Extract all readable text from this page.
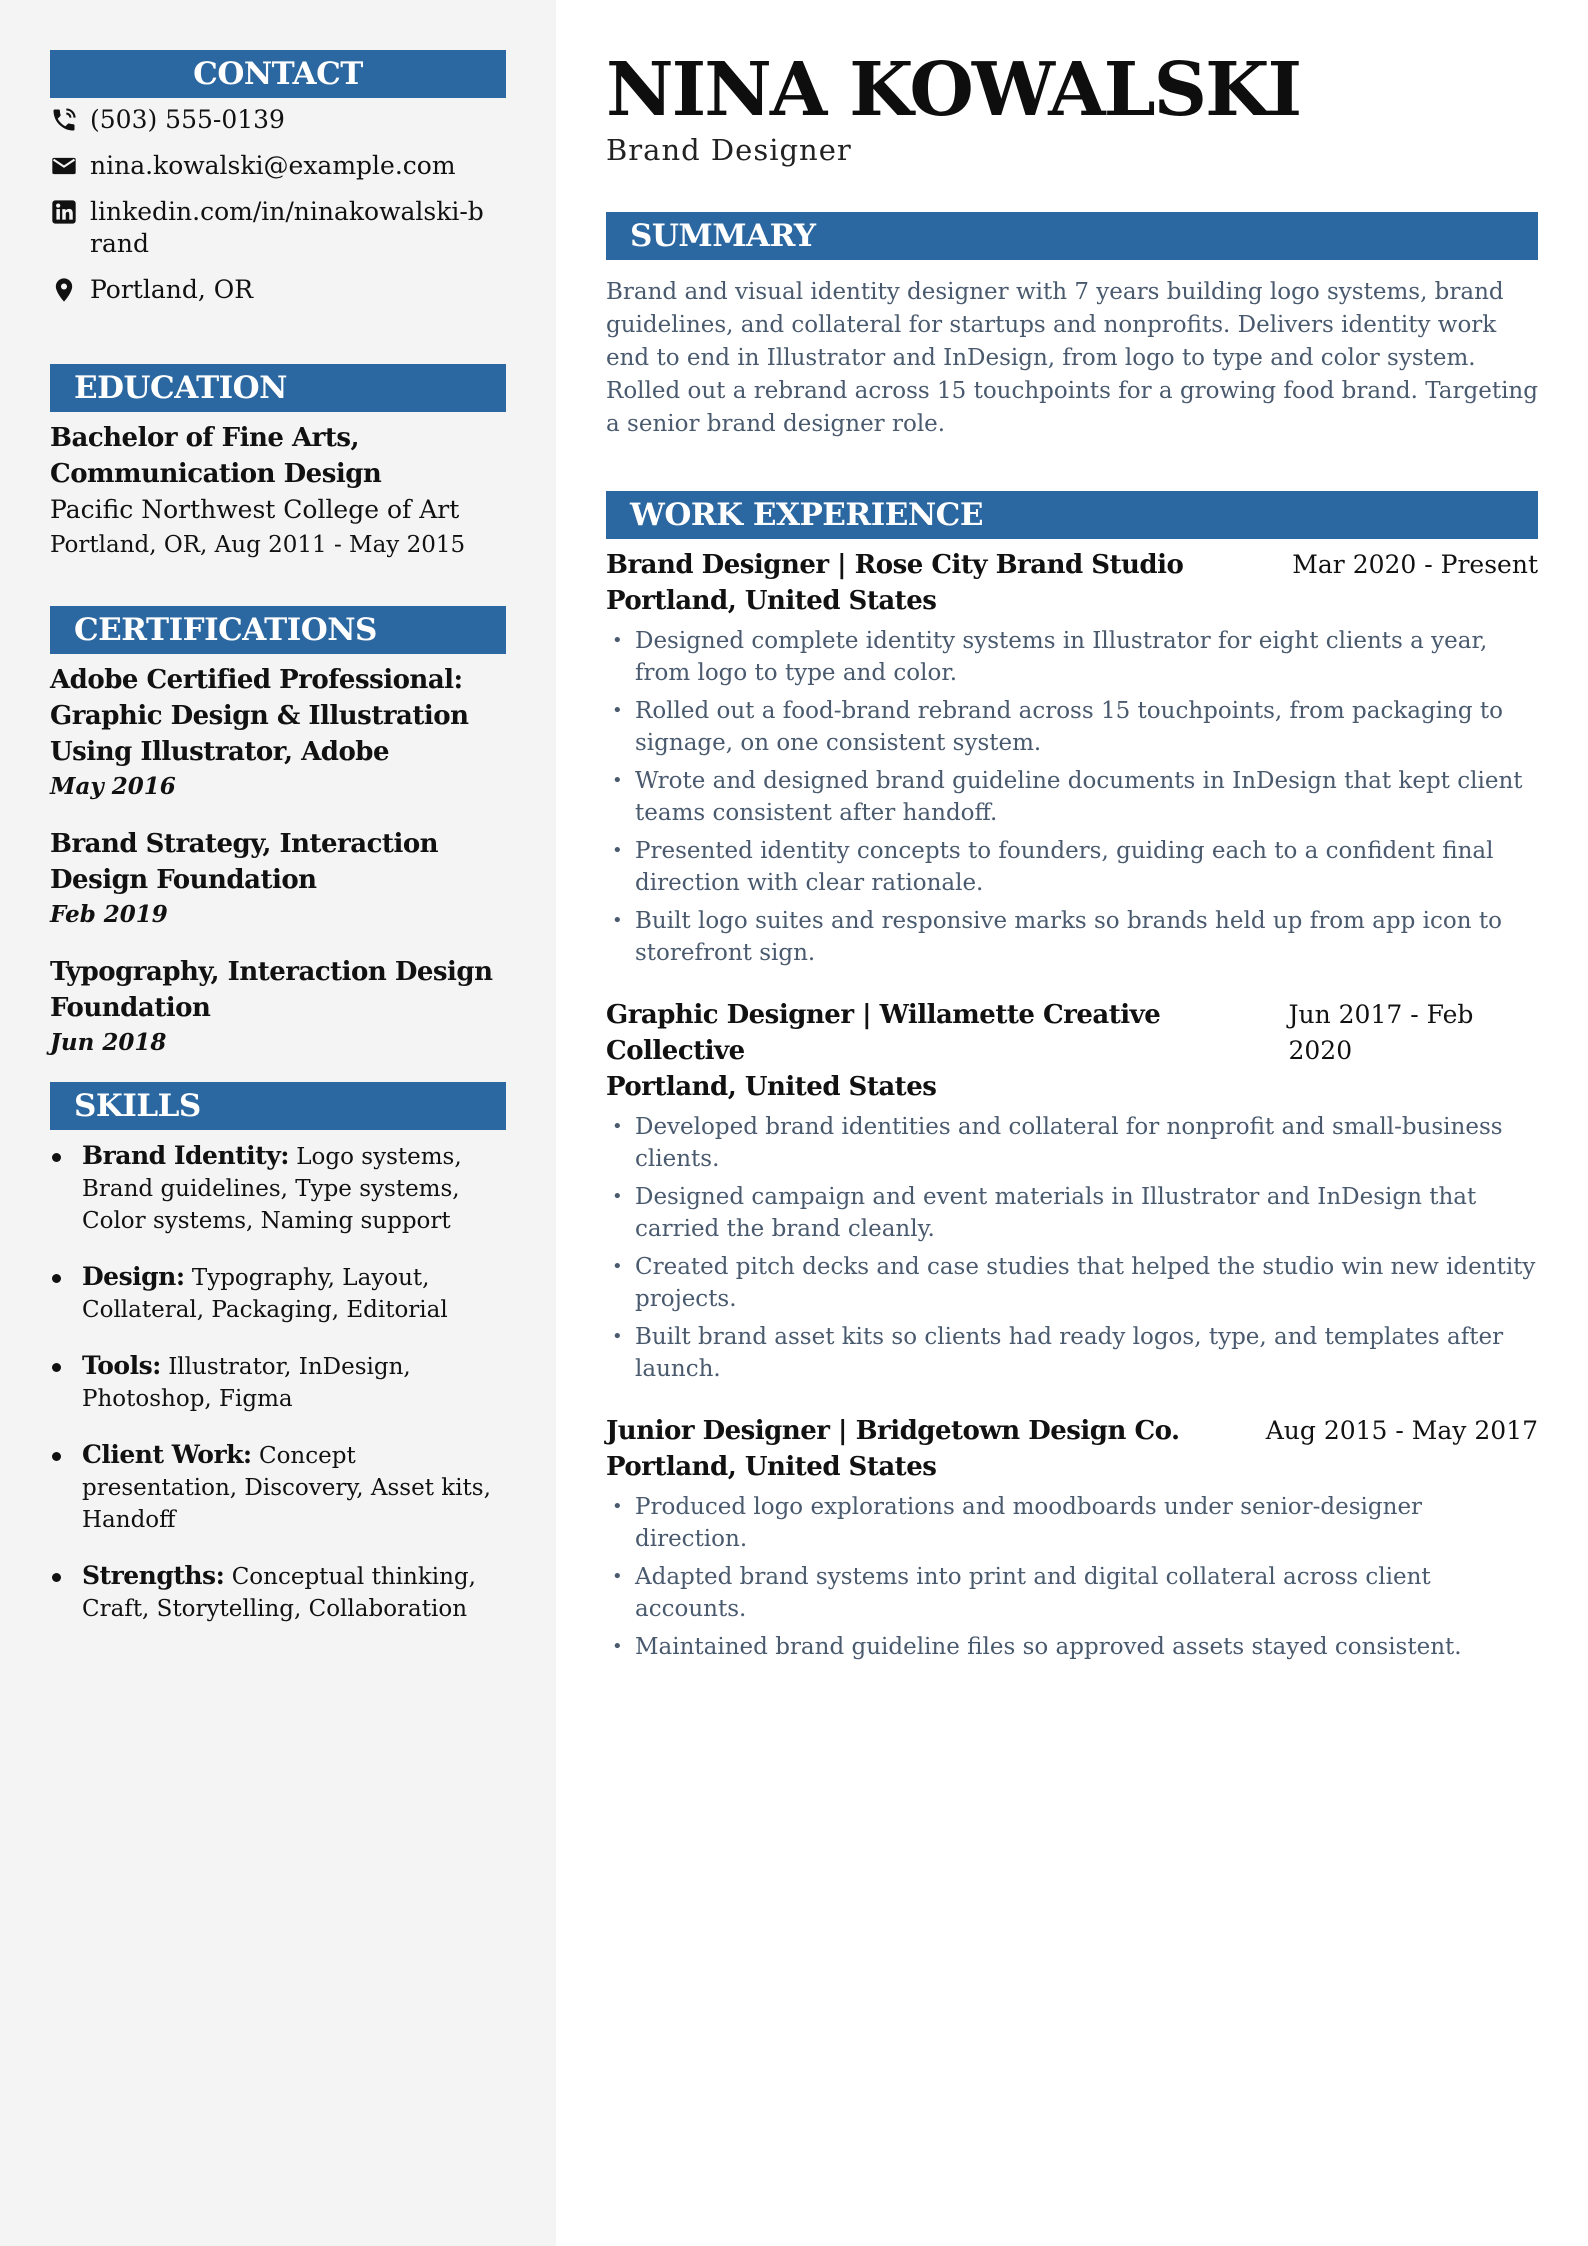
CONTACT
(503) 555-0139
nina.kowalski@example.com
linkedin.com/in/ninakowalski-brand
Portland, OR
EDUCATION
Bachelor of Fine Arts, Communication Design
Pacific Northwest College of Art
Portland, OR, Aug 2011 - May 2015
CERTIFICATIONS
Adobe Certified Professional: Graphic Design & Illustration Using Illustrator, Adobe
May 2016
Brand Strategy, Interaction Design Foundation
Feb 2019
Typography, Interaction Design Foundation
Jun 2018
SKILLS
Brand Identity: Logo systems, Brand guidelines, Type systems, Color systems, Naming support
Design: Typography, Layout, Collateral, Packaging, Editorial
Tools: Illustrator, InDesign, Photoshop, Figma
Client Work: Concept presentation, Discovery, Asset kits, Handoff
Strengths: Conceptual thinking, Craft, Storytelling, Collaboration
NINA KOWALSKI
Brand Designer
SUMMARY
Brand and visual identity designer with 7 years building logo systems, brand guidelines, and collateral for startups and nonprofits. Delivers identity work end to end in Illustrator and InDesign, from logo to type and color system. Rolled out a rebrand across 15 touchpoints for a growing food brand. Targeting a senior brand designer role.
WORK EXPERIENCE
Brand Designer | Rose City Brand Studio	Mar 2020 - Present
Portland, United States
• Designed complete identity systems in Illustrator for eight clients a year, from logo to type and color.
• Rolled out a food-brand rebrand across 15 touchpoints, from packaging to signage, on one consistent system.
• Wrote and designed brand guideline documents in InDesign that kept client teams consistent after handoff.
• Presented identity concepts to founders, guiding each to a confident final direction with clear rationale.
• Built logo suites and responsive marks so brands held up from app icon to storefront sign.
Graphic Designer | Willamette Creative Collective
Jun 2017 - Feb 2020
Portland, United States
• Developed brand identities and collateral for nonprofit and small-business clients.
• Designed campaign and event materials in Illustrator and InDesign that carried the brand cleanly.
• Created pitch decks and case studies that helped the studio win new identity projects.
• Built brand asset kits so clients had ready logos, type, and templates after launch.
Junior Designer | Bridgetown Design Co.	Aug 2015 - May 2017
Portland, United States
• Produced logo explorations and moodboards under senior-designer direction.
• Adapted brand systems into print and digital collateral across client accounts.
• Maintained brand guideline files so approved assets stayed consistent.
